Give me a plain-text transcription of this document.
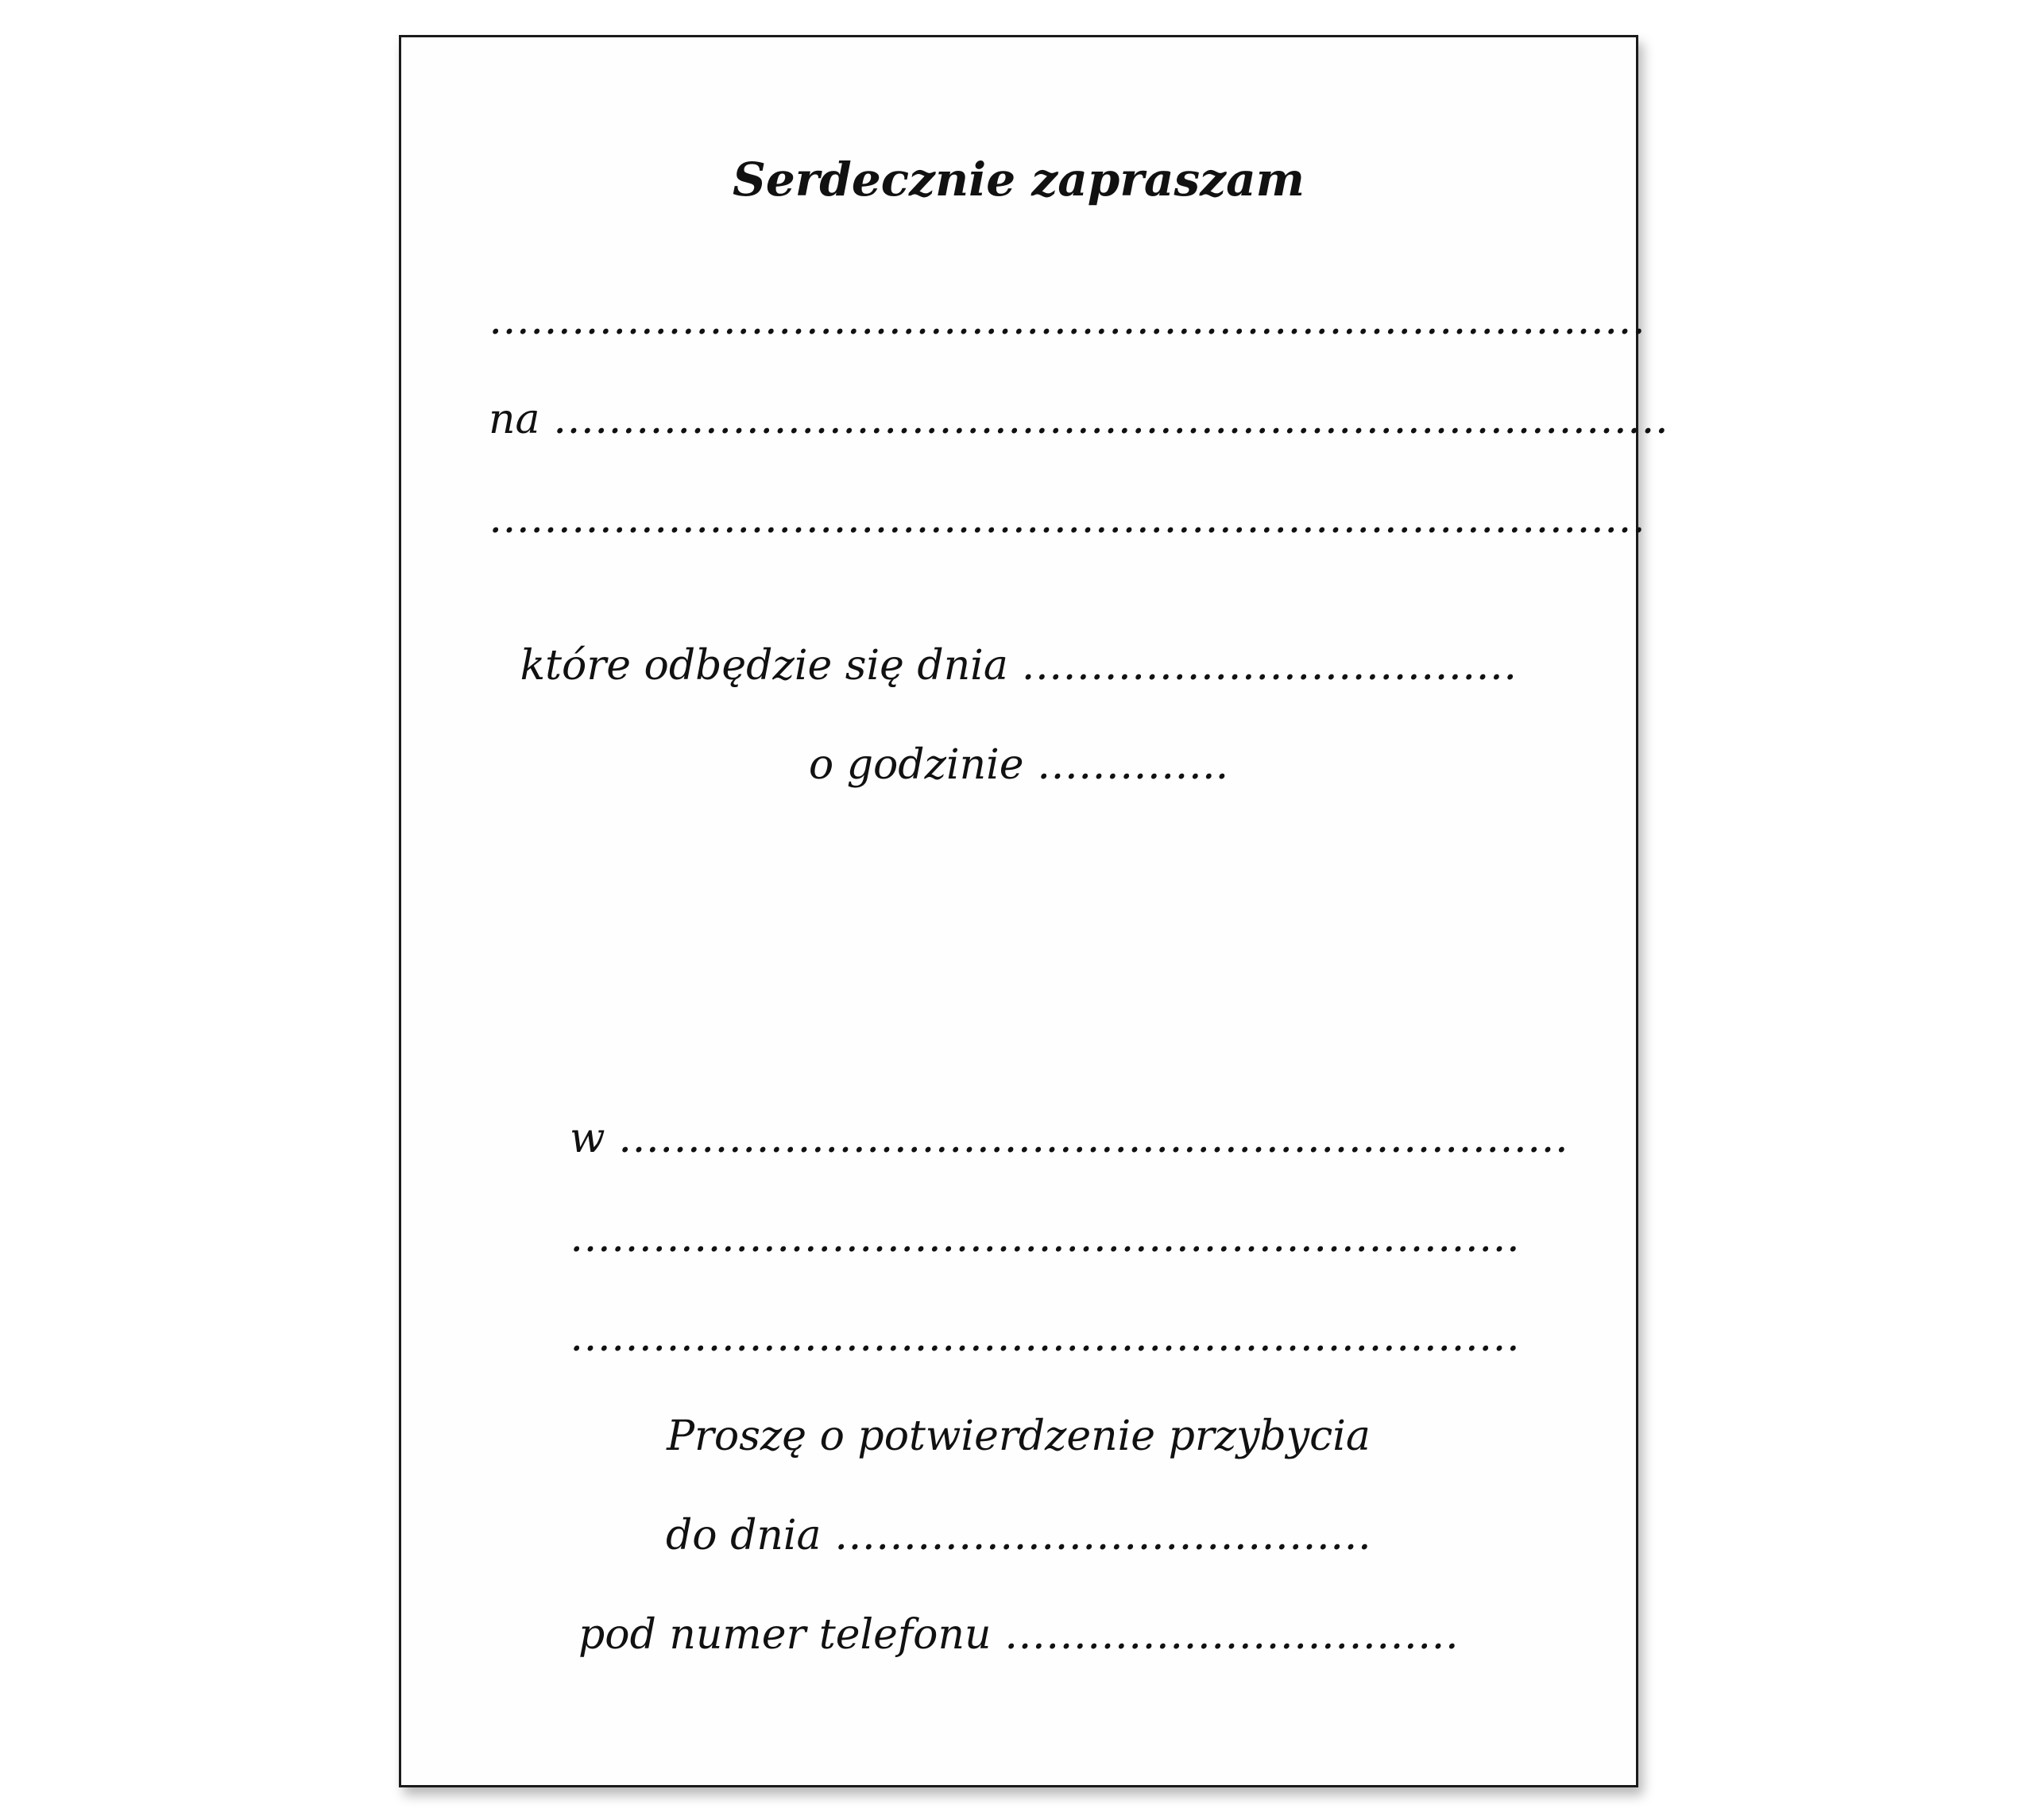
Serdecznie zapraszam
…………………………………………………………………………
na ………………………………………………………………………
…………………………………………………………………………
które odbędzie się dnia ………………………………
o godzinie …………..
w ……………………………………………………………
……………………………………………………………
……………………………………………………………
Proszę o potwierdzenie przybycia
do dnia …………………………………
pod numer telefonu ……………………………
